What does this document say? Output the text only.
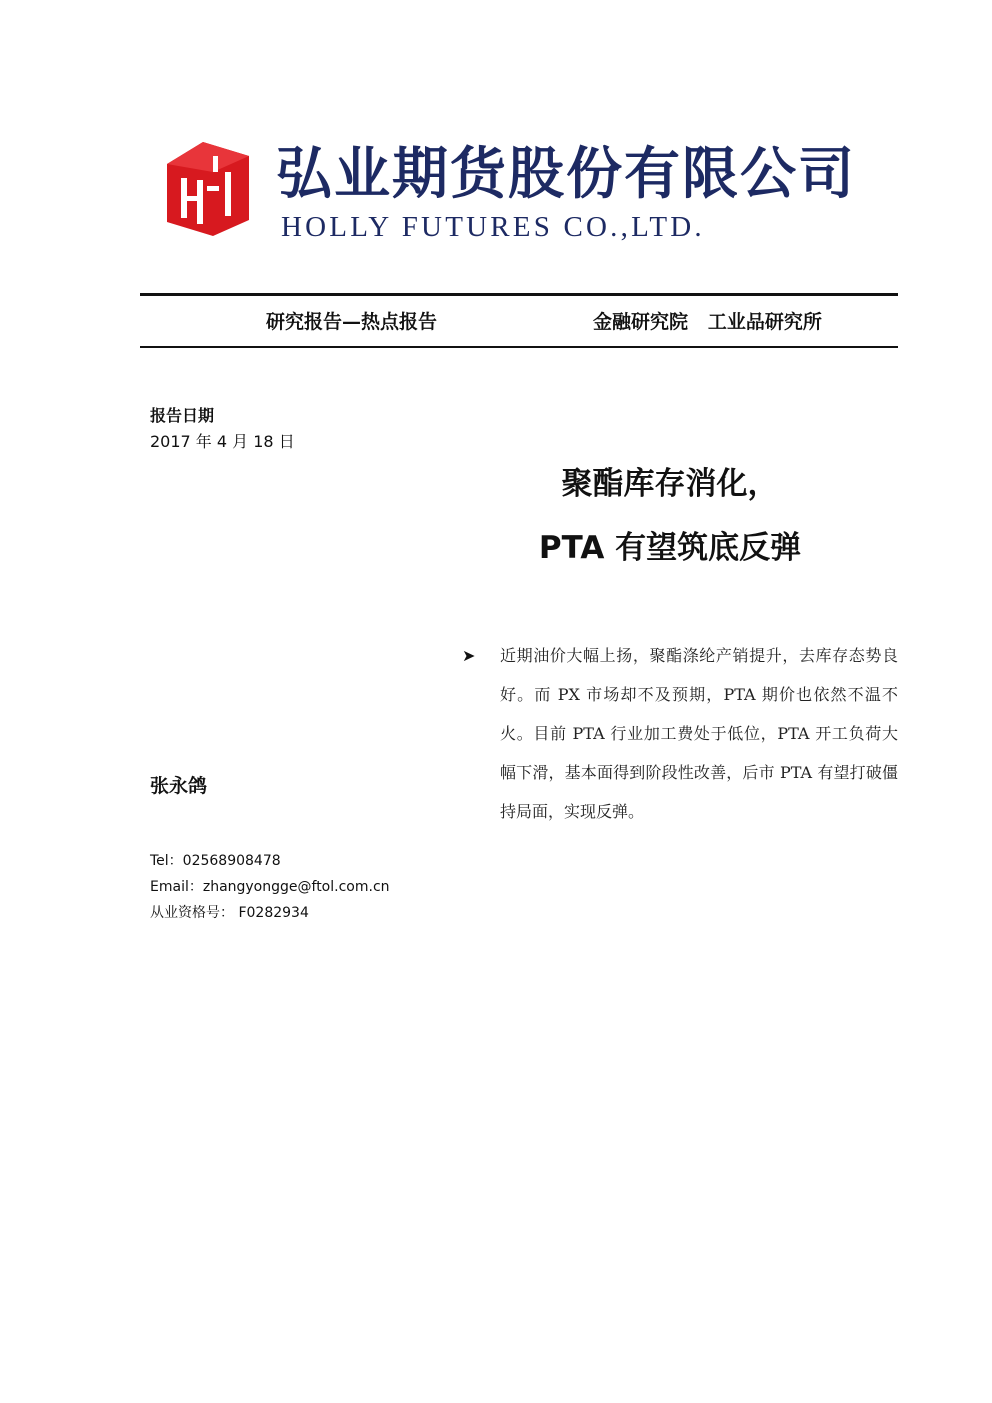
弘业期货股份有限公司
HOLLY FUTURES CO.,LTD.
研究报告—热点报告	金融研究院   工业品研究所
报告日期
2017 年 4 月 18 日
聚酯库存消化，
PTA 有望筑底反弹
张永鸽
Tel：02568908478
Email：zhangyongge@ftol.com.cn
从业资格号： F0282934
➤ 近期油价大幅上扬，聚酯涤纶产销提升，去库存态势良好。而 PX 市场却不及预期，PTA 期价也依然不温不火。目前 PTA 行业加工费处于低位，PTA 开工负荷大幅下滑，基本面得到阶段性改善，后市 PTA 有望打破僵持局面，实现反弹。
